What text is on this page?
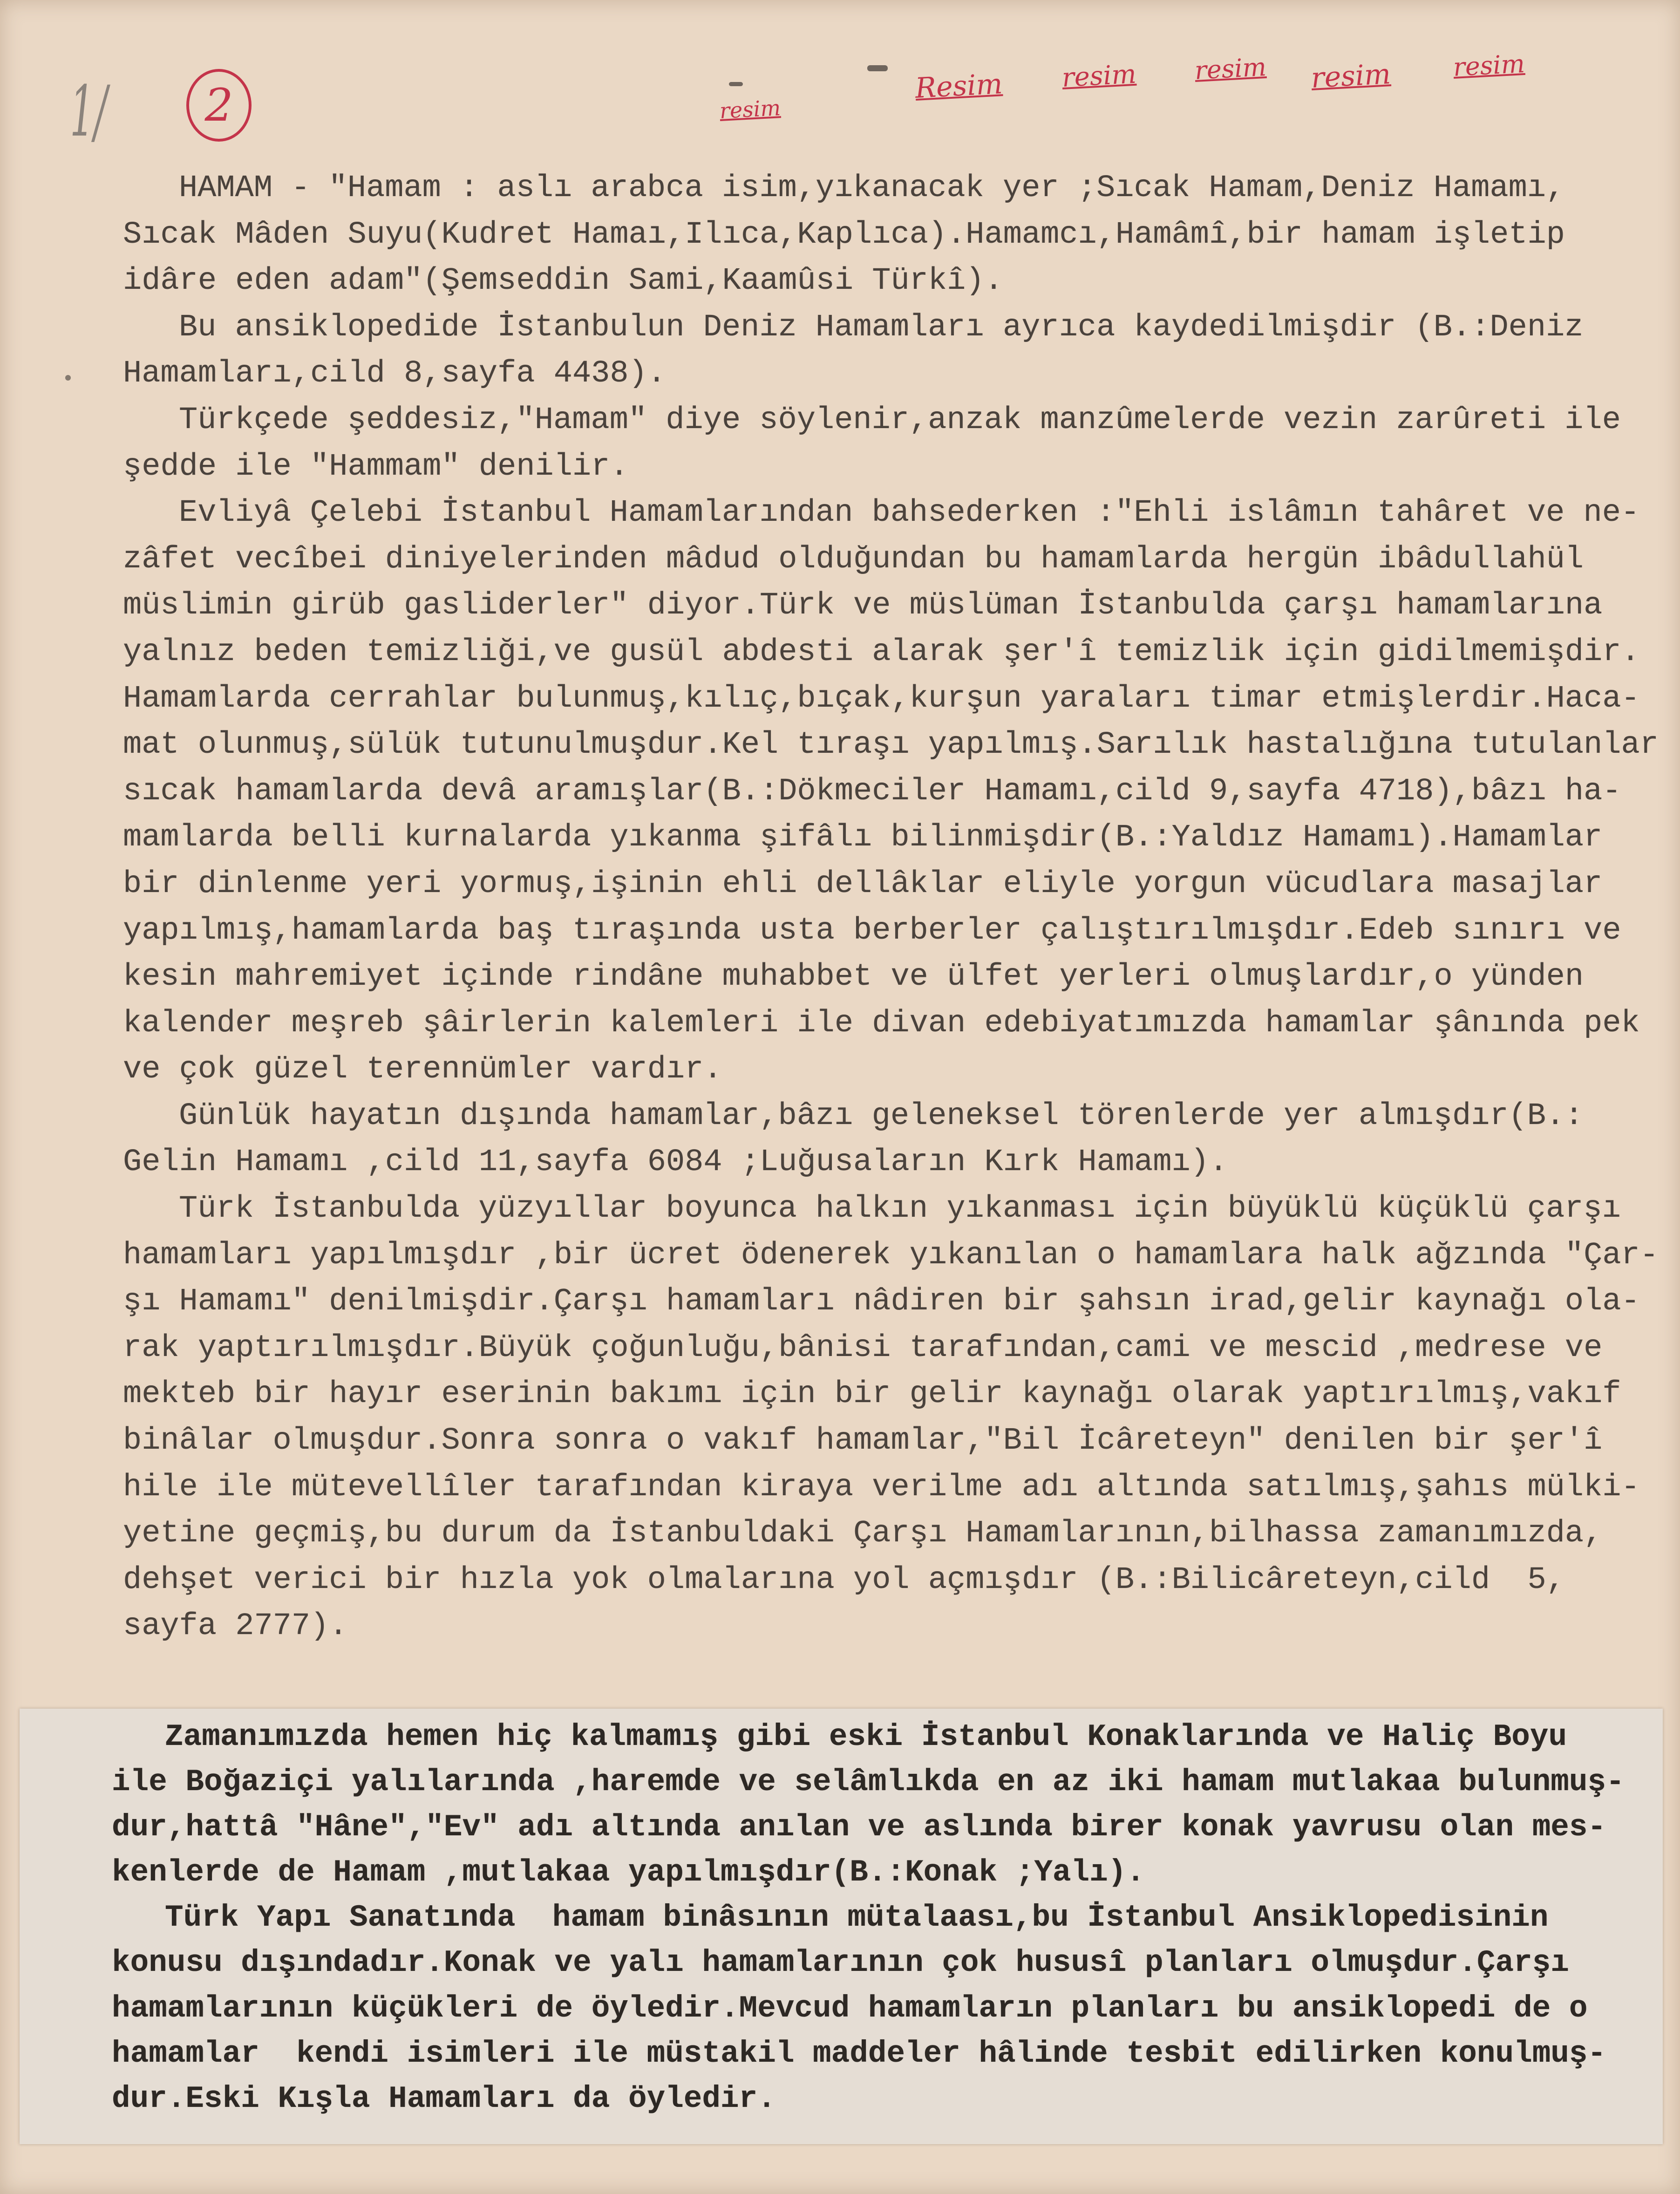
1/ 2	resim
Resim resim resim resim resim
HAMAM - "Hamam : aslı arabca isim,yıkanacak yer ;Sıcak Hamam,Deniz Hamamı,
Sıcak Mâden Suyu(Kudret Hamaı,Ilıca,Kaplıca).Hamamcı,Hamâmî,bir hamam işletip
idâre eden adam"(Şemseddin Sami,Kaamûsi Türkî).
Bu ansiklopedide İstanbulun Deniz Hamamları ayrıca kaydedilmişdir (B.:Deniz
Hamamları,cild 8,sayfa 4438).
Türkçede şeddesiz,"Hamam" diye söylenir,anzak manzûmelerde vezin zarûreti ile
şedde ile "Hammam" denilir.
Evliyâ Çelebi İstanbul Hamamlarından bahsederken :"Ehli islâmın tahâret ve ne-
zâfet vecîbei diniyelerinden mâdud olduğundan bu hamamlarda hergün ibâdullahül
müslimin girüb gasliderler" diyor.Türk ve müslüman İstanbulda çarşı hamamlarına
yalnız beden temizliği,ve gusül abdesti alarak şer'î temizlik için gidilmemişdir.
Hamamlarda cerrahlar bulunmuş,kılıç,bıçak,kurşun yaraları timar etmişlerdir.Haca-
mat olunmuş,sülük tutunulmuşdur.Kel tıraşı yapılmış.Sarılık hastalığına tutulanlar
sıcak hamamlarda devâ aramışlar(B.:Dökmeciler Hamamı,cild 9,sayfa 4718),bâzı ha-
mamlarda belli kurnalarda yıkanma şifâlı bilinmişdir(B.:Yaldız Hamamı).Hamamlar
bir dinlenme yeri yormuş,işinin ehli dellâklar eliyle yorgun vücudlara masajlar
yapılmış,hamamlarda baş tıraşında usta berberler çalıştırılmışdır.Edeb sınırı ve
kesin mahremiyet içinde rindâne muhabbet ve ülfet yerleri olmuşlardır,o yünden
kalender meşreb şâirlerin kalemleri ile divan edebiyatımızda hamamlar şânında pek
ve çok güzel terennümler vardır.
Günlük hayatın dışında hamamlar,bâzı geleneksel törenlerde yer almışdır(B.:
Gelin Hamamı ,cild 11,sayfa 6084 ;Luğusaların Kırk Hamamı).
Türk İstanbulda yüzyıllar boyunca halkın yıkanması için büyüklü küçüklü çarşı
hamamları yapılmışdır ,bir ücret ödenerek yıkanılan o hamamlara halk ağzında "Çar-
şı Hamamı" denilmişdir.Çarşı hamamları nâdiren bir şahsın irad,gelir kaynağı ola-
rak yaptırılmışdır.Büyük çoğunluğu,bânisi tarafından,cami ve mescid ,medrese ve
mekteb bir hayır eserinin bakımı için bir gelir kaynağı olarak yaptırılmış,vakıf
binâlar olmuşdur.Sonra sonra o vakıf hamamlar,"Bil İcâreteyn" denilen bir şer'î
hile ile mütevellîler tarafından kiraya verilme adı altında satılmış,şahıs mülki-
yetine geçmiş,bu durum da İstanbuldaki Çarşı Hamamlarının,bilhassa zamanımızda,
dehşet verici bir hızla yok olmalarına yol açmışdır (B.:Bilicâreteyn,cild  5,
sayfa 2777).
Zamanımızda hemen hiç kalmamış gibi eski İstanbul Konaklarında ve Haliç Boyu
ile Boğaziçi yalılarında ,haremde ve selâmlıkda en az iki hamam mutlakaa bulunmuş-
dur,hattâ "Hâne","Ev" adı altında anılan ve aslında birer konak yavrusu olan mes-
kenlerde de Hamam ,mutlakaa yapılmışdır(B.:Konak ;Yalı).
Türk Yapı Sanatında  hamam binâsının mütalaası,bu İstanbul Ansiklopedisinin
konusu dışındadır.Konak ve yalı hamamlarının çok hususî planları olmuşdur.Çarşı
hamamlarının küçükleri de öyledir.Mevcud hamamların planları bu ansiklopedi de o
hamamlar  kendi isimleri ile müstakil maddeler hâlinde tesbit edilirken konulmuş-
dur.Eski Kışla Hamamları da öyledir.
